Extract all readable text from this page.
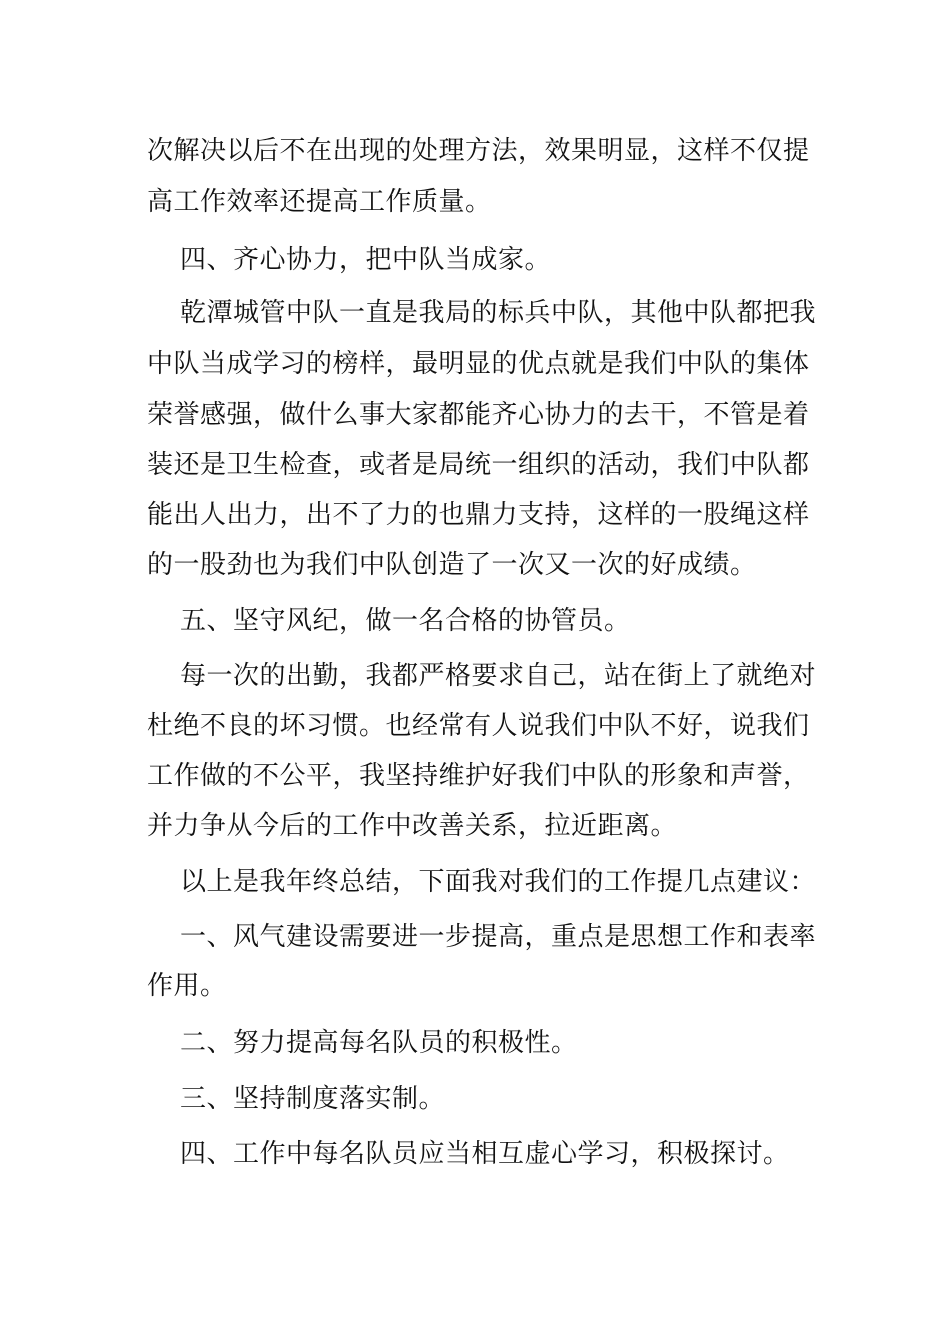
次解决以后不在出现的处理方法，效果明显，这样不仅提
高工作效率还提高工作质量。
四、齐心协力，把中队当成家。
乾潭城管中队一直是我局的标兵中队，其他中队都把我
中队当成学习的榜样，最明显的优点就是我们中队的集体
荣誉感强，做什么事大家都能齐心协力的去干，不管是着
装还是卫生检查，或者是局统一组织的活动，我们中队都
能出人出力，出不了力的也鼎力支持，这样的一股绳这样
的一股劲也为我们中队创造了一次又一次的好成绩。
五、坚守风纪，做一名合格的协管员。
每一次的出勤，我都严格要求自己，站在街上了就绝对
杜绝不良的坏习惯。也经常有人说我们中队不好，说我们
工作做的不公平，我坚持维护好我们中队的形象和声誉，
并力争从今后的工作中改善关系，拉近距离。
以上是我年终总结，下面我对我们的工作提几点建议：
一、风气建设需要进一步提高，重点是思想工作和表率
作用。
二、努力提高每名队员的积极性。
三、坚持制度落实制。
四、工作中每名队员应当相互虚心学习，积极探讨。
